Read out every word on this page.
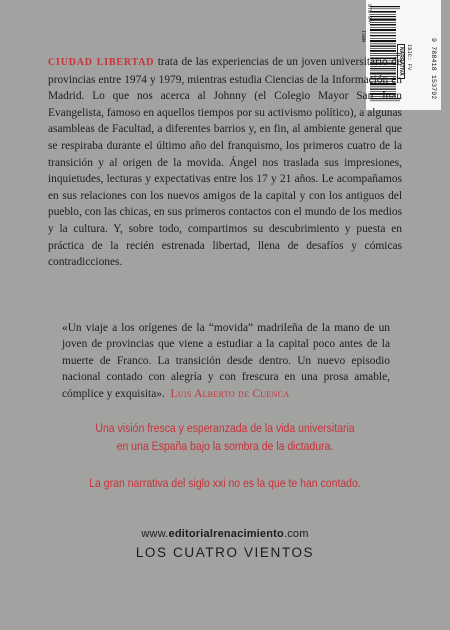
978-84-
ISBN
9 788418 153792
IBIC: FV
NARRATIVA
CIUDAD LIBERTAD trata de las experiencias de un joven universitario de provincias entre 1974 y 1979, mientras estudia Ciencias de la Información en Madrid. Lo que nos acerca al Johnny (el Colegio Mayor San Juan Evangelista, famoso en aquellos tiempos por su activismo político), a algunas asambleas de Facultad, a diferentes barrios y, en fin, al ambiente general que se respiraba durante el último año del franquismo, los primeros cuatro de la transición y al origen de la movida. Ángel nos traslada sus impresiones, inquietudes, lecturas y expectativas entre los 17 y 21 años. Le acompañamos en sus relaciones con los nuevos amigos de la capital y con los antiguos del pueblo, con las chicas, en sus primeros contactos con el mundo de los medios y la cultura. Y, sobre todo, compartimos su descubrimiento y puesta en práctica de la recién estrenada libertad, llena de desafíos y cómicas contradicciones.
«Un viaje a los orígenes de la “movida” madrileña de la mano de un joven de provincias que viene a estudiar a la capital poco antes de la muerte de Franco. La transición desde dentro. Un nuevo episodio nacional contado con alegría y con frescura en una prosa amable, cómplice y exquisita». Luis Alberto de Cuenca
Una visión fresca y esperanzada de la vida universitaria
en una España bajo la sombra de la dictadura.
La gran narrativa del siglo xxi no es la que te han contado.
www.editorialrenacimiento.com
LOS CUATRO VIENTOS
